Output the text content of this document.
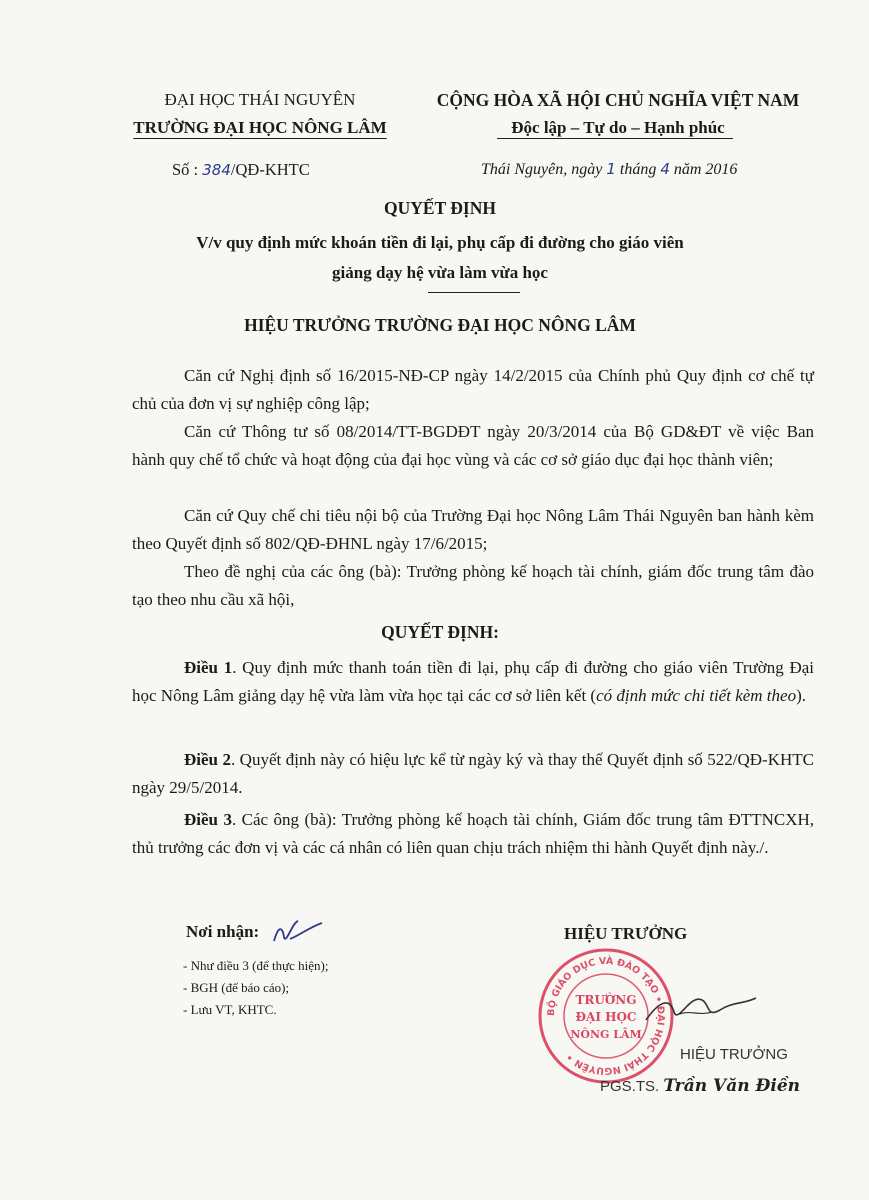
ĐẠI HỌC THÁI NGUYÊN
TRƯỜNG ĐẠI HỌC NÔNG LÂM
CỘNG HÒA XÃ HỘI CHỦ NGHĨA VIỆT NAM
Độc lập – Tự do – Hạnh phúc
Số : 384/QĐ-KHTC	Thái Nguyên, ngày 1 tháng 4 năm 2016
QUYẾT ĐỊNH
V/v quy định mức khoán tiền đi lại, phụ cấp đi đường cho giáo viên
giảng dạy hệ vừa làm vừa học
HIỆU TRƯỞNG TRƯỜNG ĐẠI HỌC NÔNG LÂM
Căn cứ Nghị định số 16/2015-NĐ-CP ngày 14/2/2015 của Chính phủ Quy định cơ chế tự chủ của đơn vị sự nghiệp công lập;
Căn cứ Thông tư số 08/2014/TT-BGDĐT ngày 20/3/2014 của Bộ GD&ĐT về việc Ban hành quy chế tổ chức và hoạt động của đại học vùng và các cơ sở giáo dục đại học thành viên;
Căn cứ Quy chế chi tiêu nội bộ của Trường Đại học Nông Lâm Thái Nguyên ban hành kèm theo Quyết định số 802/QĐ-ĐHNL ngày 17/6/2015;
Theo đề nghị của các ông (bà): Trưởng phòng kế hoạch tài chính, giám đốc trung tâm đào tạo theo nhu cầu xã hội,
QUYẾT ĐỊNH:
Điều 1. Quy định mức thanh toán tiền đi lại, phụ cấp đi đường cho giáo viên Trường Đại học Nông Lâm giảng dạy hệ vừa làm vừa học tại các cơ sở liên kết (có định mức chi tiết kèm theo).
Điều 2. Quyết định này có hiệu lực kể từ ngày ký và thay thế Quyết định số 522/QĐ-KHTC ngày 29/5/2014.
Điều 3. Các ông (bà): Trưởng phòng kế hoạch tài chính, Giám đốc trung tâm ĐTTNCXH, thủ trưởng các đơn vị và các cá nhân có liên quan chịu trách nhiệm thi hành Quyết định này./.
Nơi nhận:
- Như điều 3 (để thực hiện);
- BGH (để báo cáo);
- Lưu VT, KHTC.
HIỆU TRƯỞNG
BỘ GIÁO DỤC VÀ ĐÀO TẠO • ĐẠI HỌC THÁI NGUYÊN •
TRƯỜNG
ĐẠI HỌC
NÔNG LÂM
HIỆU TRƯỞNG
PGS.TS. Trần Văn Điền
